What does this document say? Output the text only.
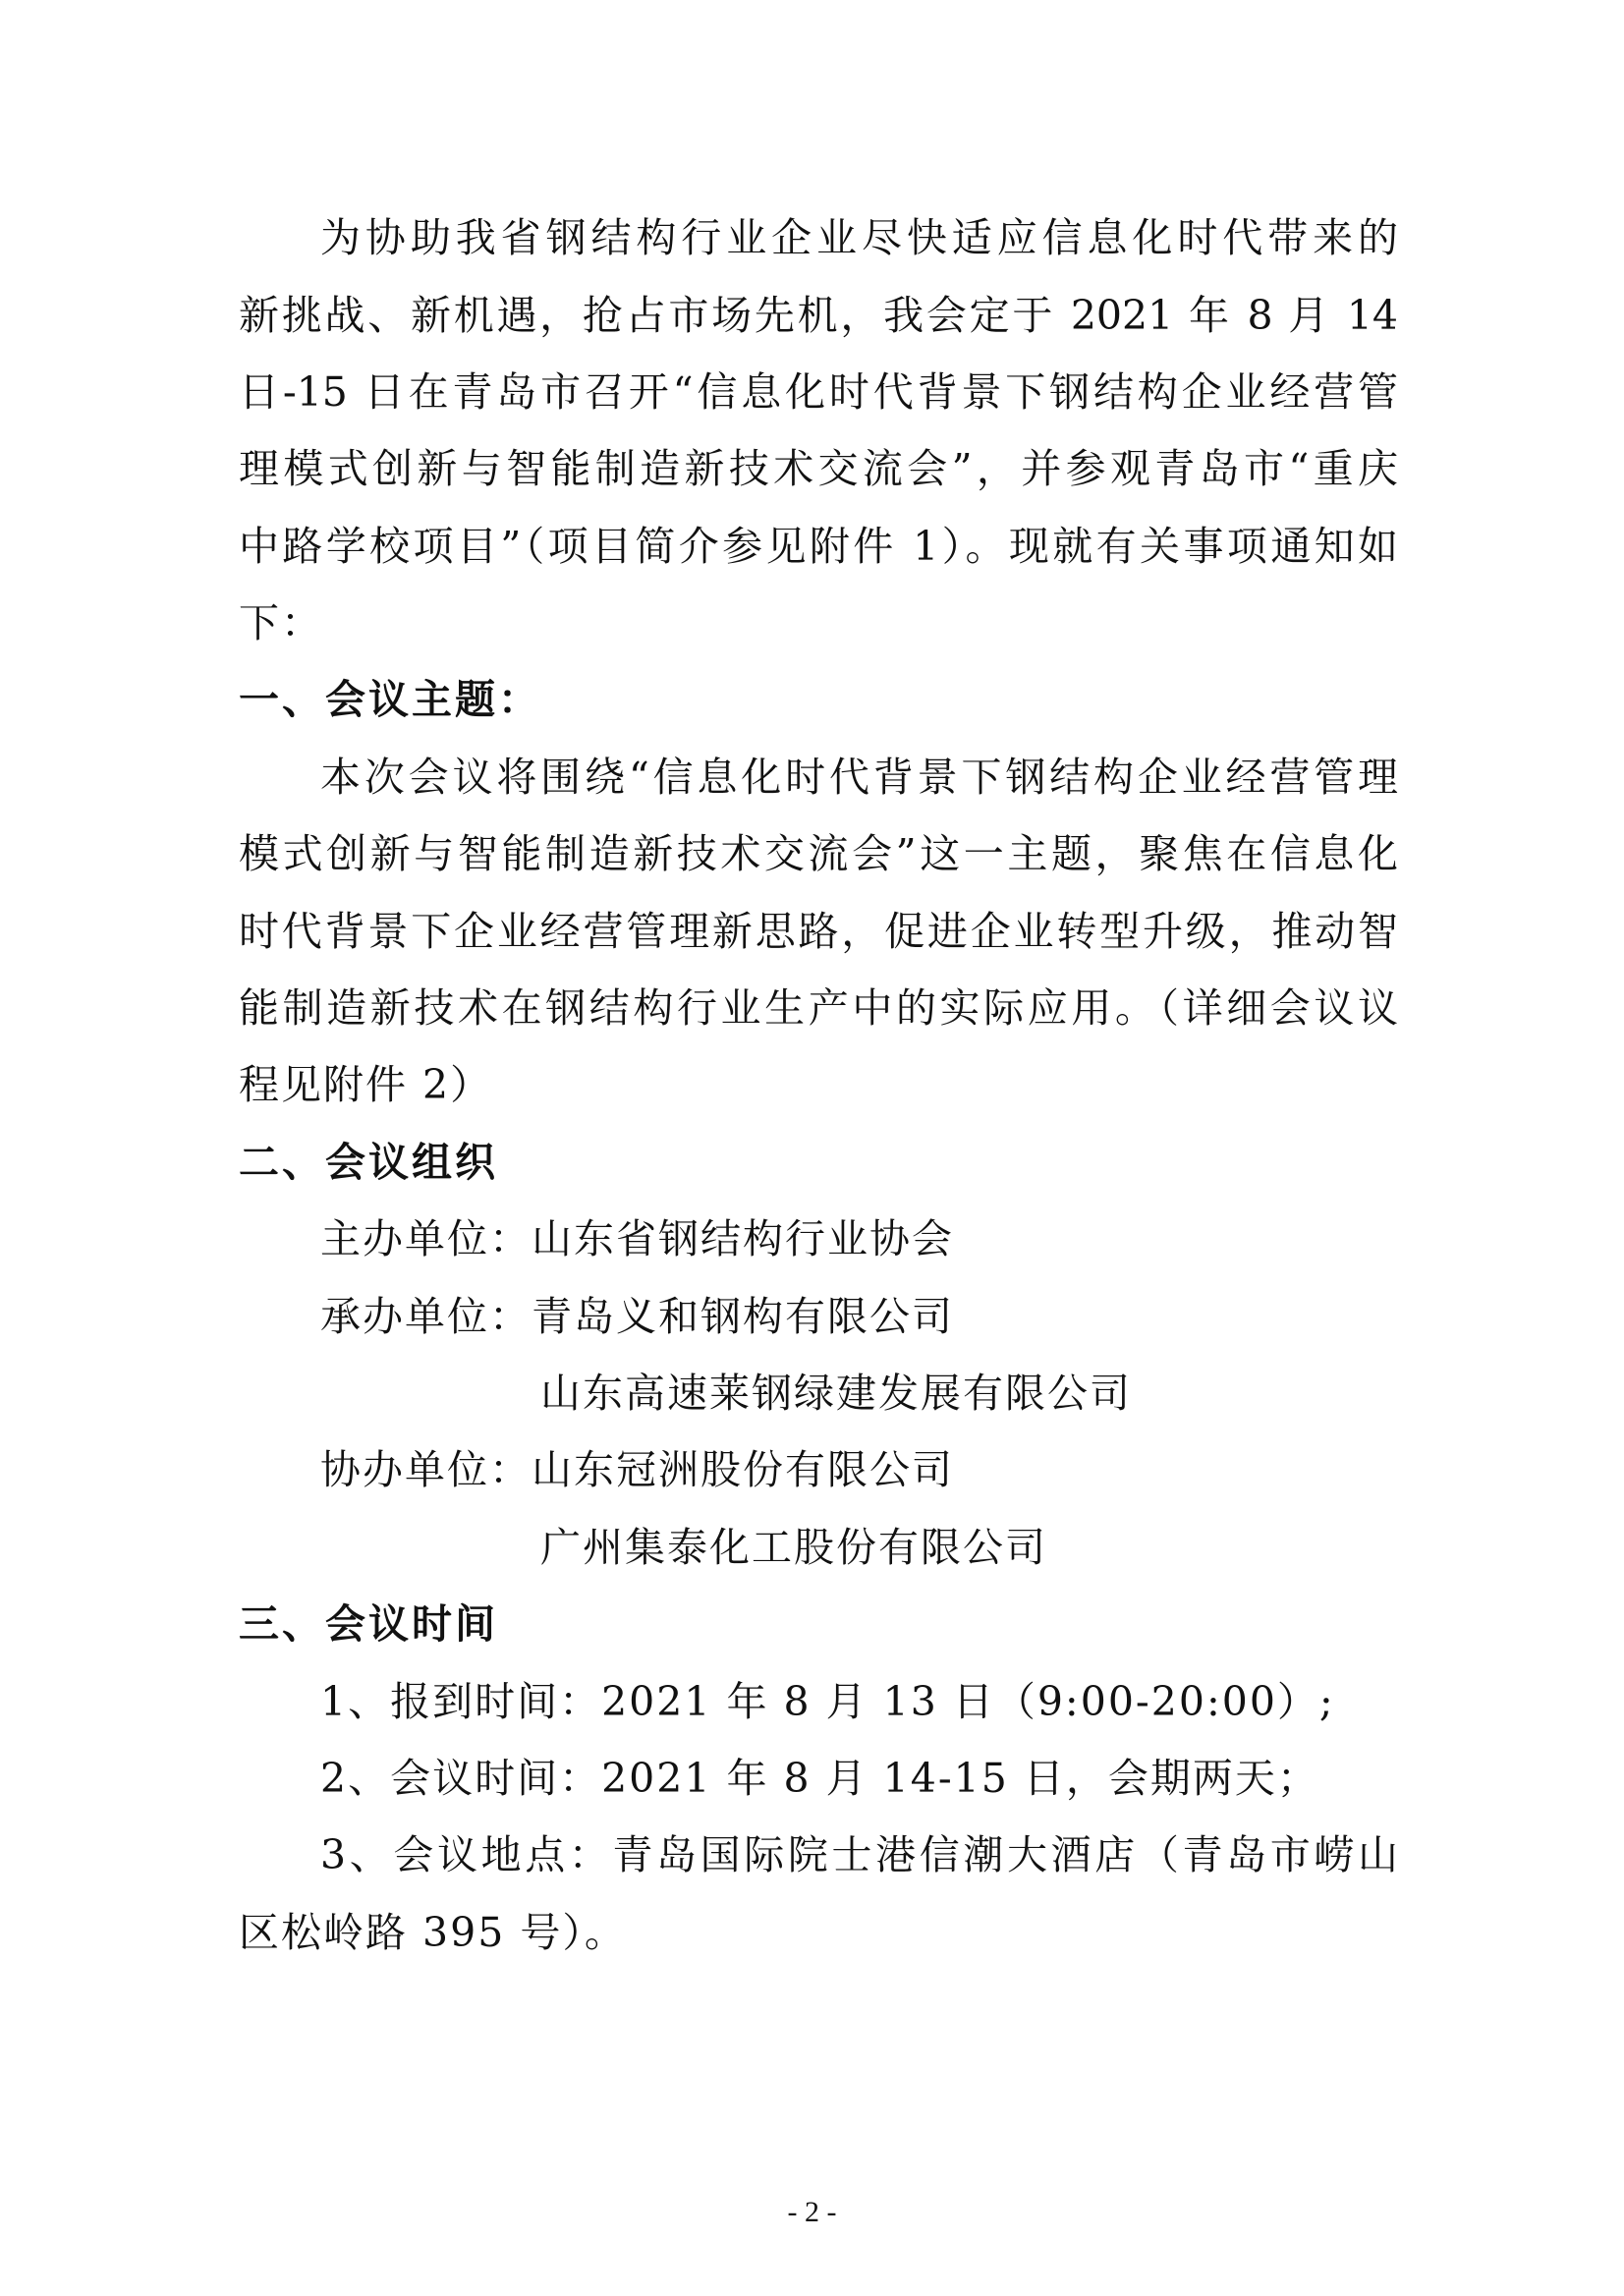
为协助我省钢结构行业企业尽快适应信息化时代带来的
新挑战、新机遇，抢占市场先机，我会定于 2021 年 8 月 14
日-15 日在青岛市召开“信息化时代背景下钢结构企业经营管
理模式创新与智能制造新技术交流会”，并参观青岛市“重庆
中路学校项目”（项目简介参见附件 1）。现就有关事项通知如
下：
一、会议主题：
本次会议将围绕“信息化时代背景下钢结构企业经营管理
模式创新与智能制造新技术交流会”这一主题，聚焦在信息化
时代背景下企业经营管理新思路，促进企业转型升级，推动智
能制造新技术在钢结构行业生产中的实际应用。（详细会议议
程见附件 2）
二、会议组织
主办单位：山东省钢结构行业协会
承办单位：青岛义和钢构有限公司
山东高速莱钢绿建发展有限公司
协办单位：山东冠洲股份有限公司
广州集泰化工股份有限公司
三、会议时间
1、报到时间：2021 年 8 月 13 日（9:00-20:00）;
2、会议时间：2021 年 8 月 14-15 日，会期两天；
3、会议地点：青岛国际院士港信潮大酒店（青岛市崂山
区松岭路 395 号）。
- 2 -
